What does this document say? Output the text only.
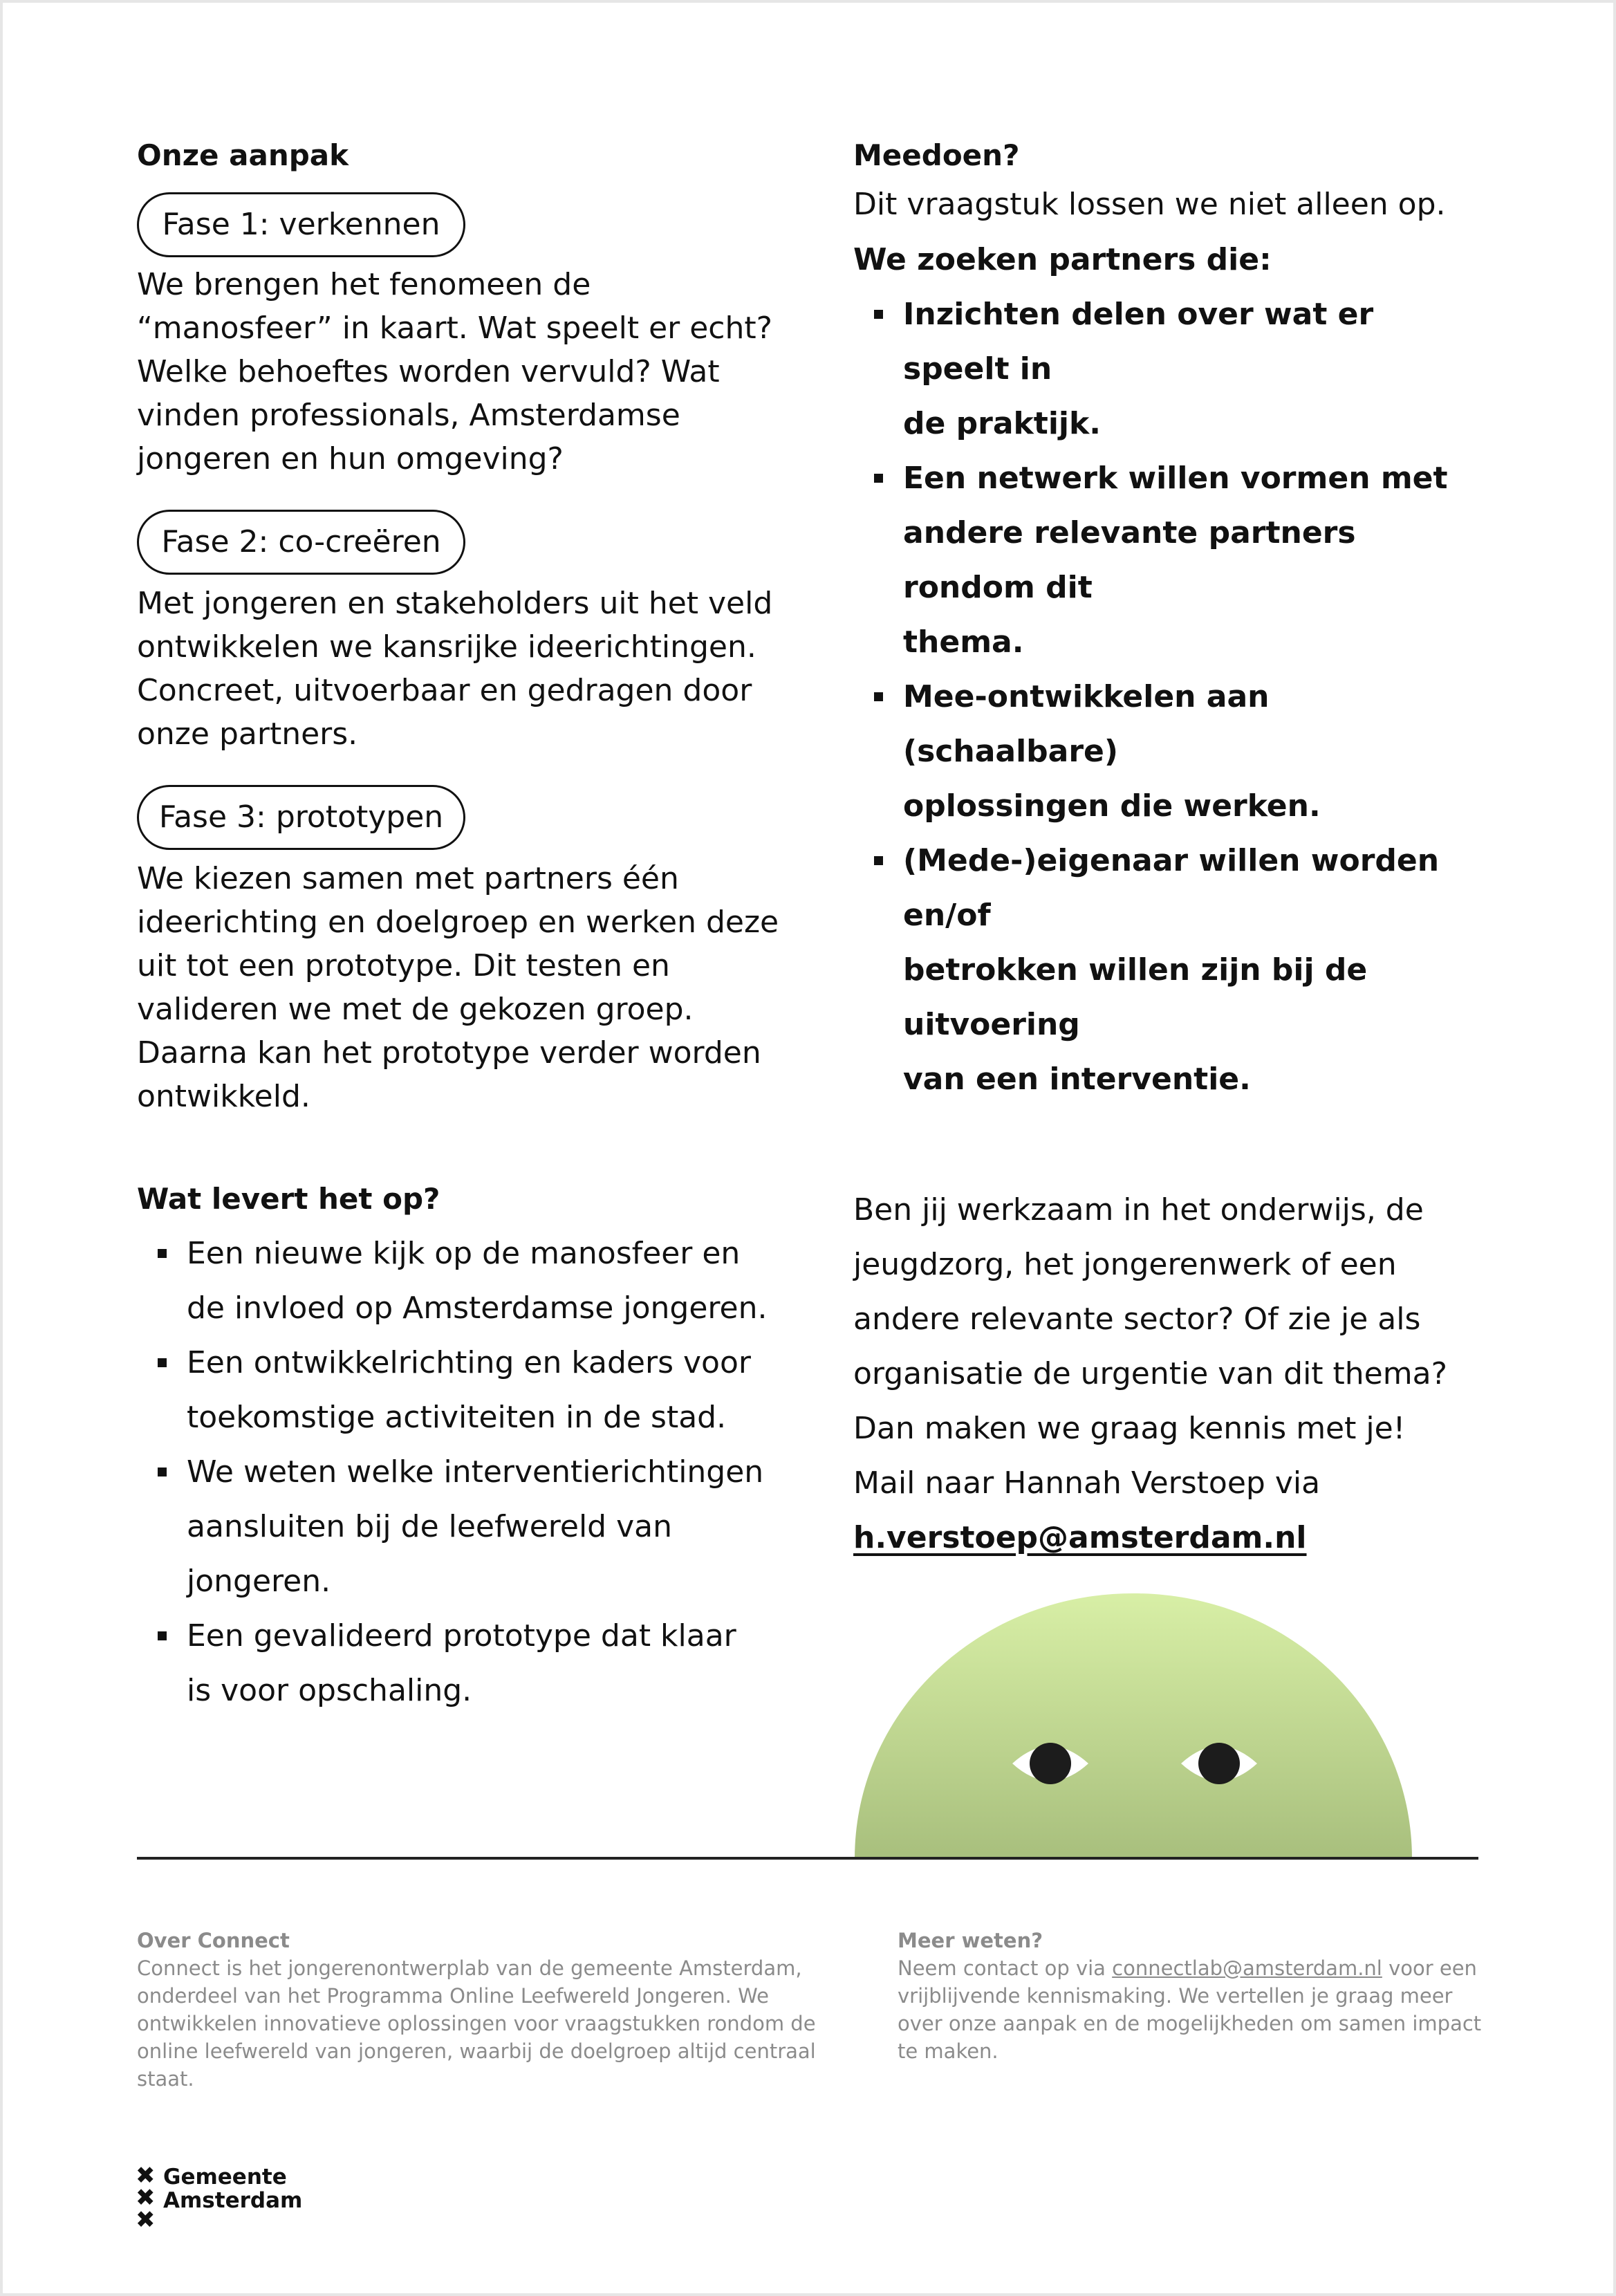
Onze aanpak
Fase 1: verkennen

We brengen het fenomeen de
“manosfeer” in kaart. Wat speelt er echt?
Welke behoeftes worden vervuld? Wat
vinden professionals, Amsterdamse
jongeren en hun omgeving?

Fase 2: co-creëren

Met jongeren en stakeholders uit het veld
ontwikkelen we kansrijke ideerichtingen.
Concreet, uitvoerbaar en gedragen door
onze partners.

Fase 3: prototypen

We kiezen samen met partners één
ideerichting en doelgroep en werken deze
uit tot een prototype. Dit testen en
valideren we met de gekozen groep.
Daarna kan het prototype verder worden
ontwikkeld.

Wat levert het op?
Een nieuwe kijk op de manosfeer en
de invloed op Amsterdamse jongeren.
Een ontwikkelrichting en kaders voor
toekomstige activiteiten in de stad.
We weten welke interventierichtingen
aansluiten bij de leefwereld van
jongeren.
Een gevalideerd prototype dat klaar
is voor opschaling.
Meedoen?

Dit vraagstuk lossen we niet alleen op.

We zoeken partners die:

Inzichten delen over wat er speelt in
de praktijk.
Een netwerk willen vormen met
andere relevante partners rondom dit
thema.
Mee-ontwikkelen aan (schaalbare)
oplossingen die werken.
(Mede-)eigenaar willen worden en/of
betrokken willen zijn bij de uitvoering
van een interventie.

Ben jij werkzaam in het onderwijs, de
jeugdzorg, het jongerenwerk of een
andere relevante sector? Of zie je als
organisatie de urgentie van dit thema?
Dan maken we graag kennis met je!
Mail naar Hannah Verstoep via
h.verstoep@amsterdam.nl

Over Connect

Connect is het jongerenontwerplab van de gemeente Amsterdam,
onderdeel van het Programma Online Leefwereld Jongeren. We
ontwikkelen innovatieve oplossingen voor vraagstukken rondom de
online leefwereld van jongeren, waarbij de doelgroep altijd centraal
staat.

Meer weten?

Neem contact op via connectlab@amsterdam.nl voor een
vrijblijvende kennismaking. We vertellen je graag meer
over onze aanpak en de mogelijkheden om samen impact
te maken.

✖
✖
✖
Gemeente
Amsterdam
